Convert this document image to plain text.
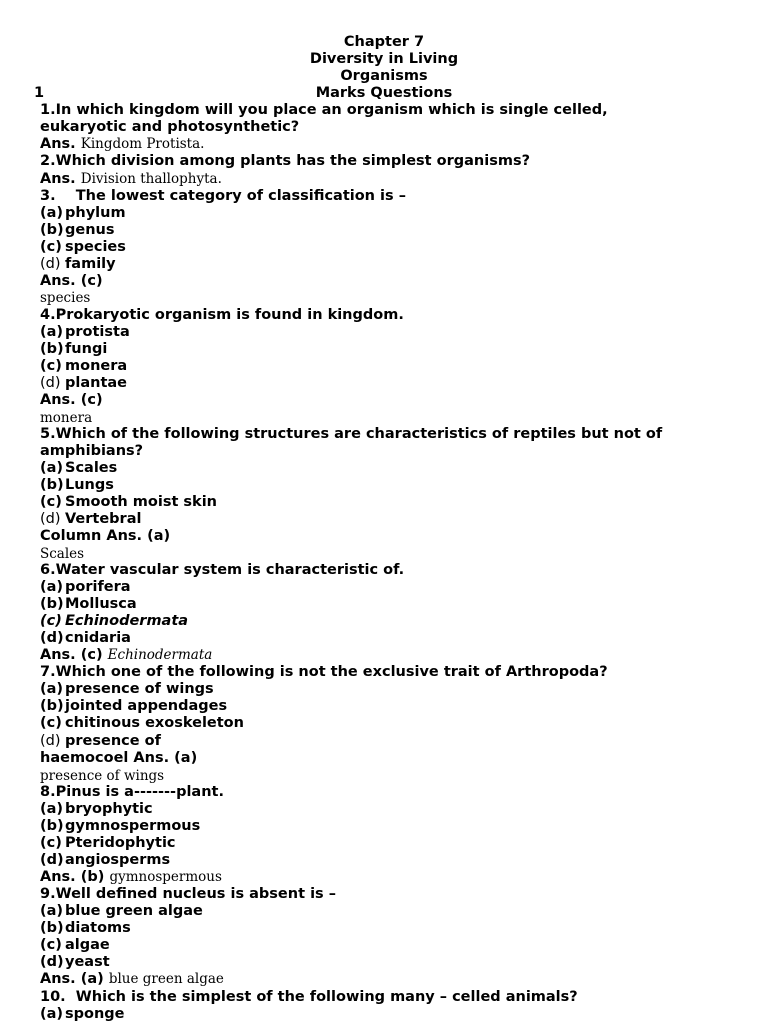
Chapter 7
Diversity in Living
Organisms
1	Marks Questions
1.In which kingdom will you place an organism which is single celled,
eukaryotic and photosynthetic?
Ans. Kingdom Protista.
2.Which division among plants has the simplest organisms?
Ans. Division thallophyta.
3.    The lowest category of classification is –
(a) phylum
(b)genus
(c) species
(d) family
Ans. (c)
species
4.Prokaryotic organism is found in kingdom.
(a) protista
(b)fungi
(c) monera
(d) plantae
Ans. (c)
monera
5.Which of the following structures are characteristics of reptiles but not of
amphibians?
(a) Scales
(b)Lungs
(c) Smooth moist skin
(d) Vertebral
Column Ans. (a)
Scales
6.Water vascular system is characteristic of.
(a) porifera
(b)Mollusca
(c) Echinodermata
(d)cnidaria
Ans. (c) Echinodermata
7.Which one of the following is not the exclusive trait of Arthropoda?
(a) presence of wings
(b)jointed appendages
(c) chitinous exoskeleton
(d) presence of
haemocoel Ans. (a)
presence of wings
8.Pinus is a-------plant.
(a) bryophytic
(b)gymnospermous
(c) Pteridophytic
(d)angiosperms
Ans. (b) gymnospermous
9.Well defined nucleus is absent is –
(a) blue green algae
(b)diatoms
(c) algae
(d)yeast
Ans. (a) blue green algae
10.  Which is the simplest of the following many – celled animals?
(a) sponge
